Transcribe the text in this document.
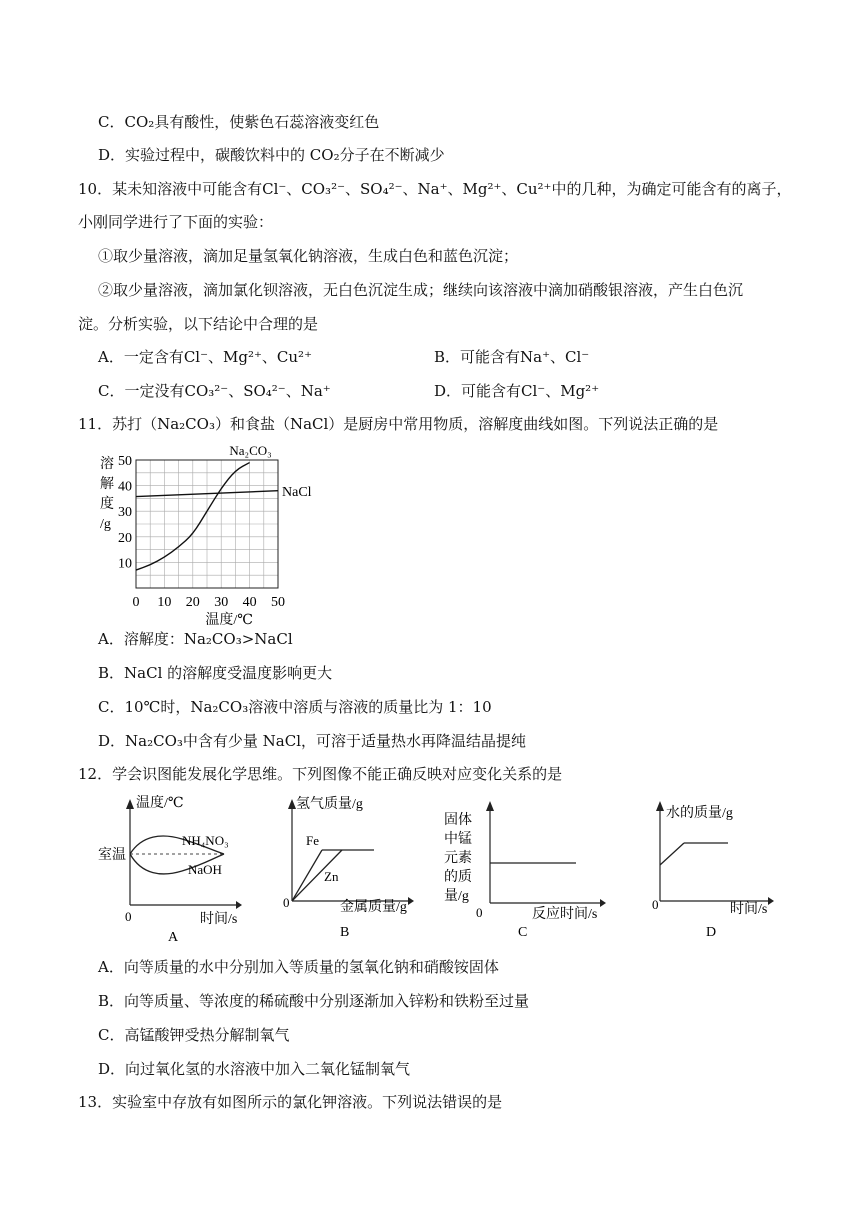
C．CO₂具有酸性，使紫色石蕊溶液变红色
D．实验过程中，碳酸饮料中的 CO₂分子在不断减少
10．某未知溶液中可能含有Cl⁻、CO₃²⁻、SO₄²⁻、Na⁺、Mg²⁺、Cu²⁺中的几种，为确定可能含有的离子，
小刚同学进行了下面的实验：
①取少量溶液，滴加足量氢氧化钠溶液，生成白色和蓝色沉淀；
②取少量溶液，滴加氯化钡溶液，无白色沉淀生成；继续向该溶液中滴加硝酸银溶液，产生白色沉
淀。分析实验，以下结论中合理的是
A．一定含有Cl⁻、Mg²⁺、Cu²⁺	B．可能含有Na⁺、Cl⁻
C．一定没有CO₃²⁻、SO₄²⁻、Na⁺	D．可能含有Cl⁻、Mg²⁺
11．苏打（Na₂CO₃）和食盐（NaCl）是厨房中常用物质，溶解度曲线如图。下列说法正确的是
0 10 20 30 40 50
10
20
30
40
50
NaCl
Na₂CO₃
溶
解
度
/g
温度/℃
A．溶解度：Na₂CO₃>NaCl
B．NaCl 的溶解度受温度影响更大
C．10℃时，Na₂CO₃溶液中溶质与溶液的质量比为 1：10
D．Na₂CO₃中含有少量 NaCl，可溶于适量热水再降温结晶提纯
12．学会识图能发展化学思维。下列图像不能正确反映对应变化关系的是
温度/℃
室温
NH₄NO₃
NaOH
0	时间/s
A
氢气质量/g
Fe
Zn
0	金属质量/g
B
固体
中锰
元素
的质
量/g
0	反应时间/s
C
水的质量/g
0	时间/s
D
A．向等质量的水中分别加入等质量的氢氧化钠和硝酸铵固体
B．向等质量、等浓度的稀硫酸中分别逐渐加入锌粉和铁粉至过量
C．高锰酸钾受热分解制氧气
D．向过氧化氢的水溶液中加入二氧化锰制氧气
13．实验室中存放有如图所示的氯化钾溶液。下列说法错误的是
